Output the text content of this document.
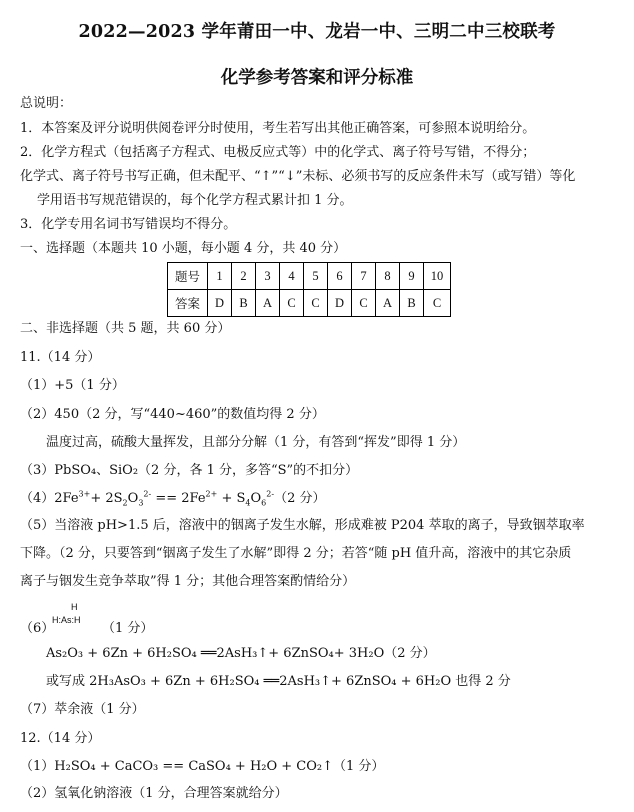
2022—2023 学年莆田一中、龙岩一中、三明二中三校联考
化学参考答案和评分标准
总说明：
1．本答案及评分说明供阅卷评分时使用，考生若写出其他正确答案，可参照本说明给分。
2．化学方程式（包括离子方程式、电极反应式等）中的化学式、离子符号写错，不得分；
化学式、离子符号书写正确，但未配平、“↑”“↓”未标、必须书写的反应条件未写（或写错）等化
学用语书写规范错误的，每个化学方程式累计扣 1 分。
3．化学专用名词书写错误均不得分。
一、选择题（本题共 10 小题，每小题 4 分，共 40 分）
题号	1	2	3	4	5	6	7	8	9	10
答案	D	B	A	C	C	D	C	A	B	C
二、非选择题（共 5 题，共 60 分）
11.（14 分）
（1）+5（1 分）
（2）450（2 分，写“440~460”的数值均得 2 分）
温度过高，硫酸大量挥发，且部分分解（1 分，有答到“挥发”即得 1 分）
（3）PbSO₄、SiO₂（2 分，各 1 分，多答“S”的不扣分）
$(4)2Fe^{3+}+ 2S_2O_3^{2-} == 2Fe^{2+} + S_4O_6^{2-}(2$ 分）
（5）当溶液 pH>1.5 后，溶液中的铟离子发生水解，形成难被 P204 萃取的离子，导致铟萃取率
下降。（2 分，只要答到“铟离子发生了水解”即得 2 分；若答“随 pH 值升高，溶液中的其它杂质
离子与铟发生竞争萃取”得 1 分；其他合理答案酌情给分）
（6）
H
H:As:H
（1 分）
As₂O₃ + 6Zn + 6H₂SO₄ ══2AsH₃↑+ 6ZnSO₄+ 3H₂O（2 分）
或写成 2H₃AsO₃ + 6Zn + 6H₂SO₄ ══2AsH₃↑+ 6ZnSO₄ + 6H₂O 也得 2 分
（7）萃余液（1 分）
12.（14 分）
（1）H₂SO₄ + CaCO₃ == CaSO₄ + H₂O + CO₂↑（1 分）
（2）氢氧化钠溶液（1 分，合理答案就给分）
